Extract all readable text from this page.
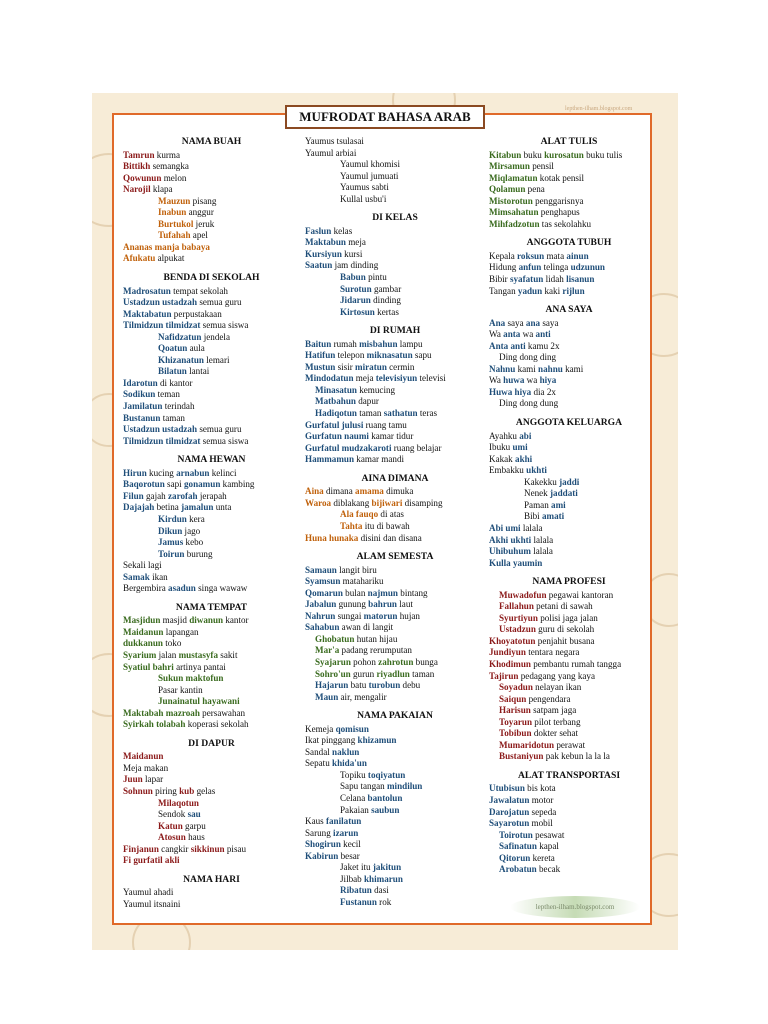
MUFRODAT BAHASA ARAB	lepthen-ilham.blogspot.com
NAMA BUAH
Tamrun kurma
Bittikh semangka
Qowunun melon
Narojil klapa
Mauzun pisang
Inabun anggur
Burtukol jeruk
Tufahah apel
Ananas manja babaya
Afukatu alpukat
BENDA DI SEKOLAH
Madrosatun tempat sekolah
Ustadzun ustadzah semua guru
Maktabatun perpustakaan
Tilmidzun tilmidzat semua siswa
Nafidzatun jendela
Qoatun aula
Khizanatun lemari
Bilatun lantai
Idarotun di kantor
Sodikun teman
Jamilatun terindah
Bustanun taman
Ustadzun ustadzah semua guru
Tilmidzun tilmidzat semua siswa
NAMA HEWAN
Hirun kucing arnabun kelinci
Baqorotun sapi gonamun kambing
Filun gajah zarofah jerapah
Dajajah betina jamalun unta
Kirdun kera
Dikun jago
Jamus kebo
Toirun burung
Sekali lagi
Samak ikan
Bergembira asadun singa wawaw
NAMA TEMPAT
Masjidun masjid diwanun kantor
Maidanun lapangan
dukkanun toko
Syarium jalan mustasyfa sakit
Syatiul bahri artinya pantai
Sukun maktofun
Pasar kantin
Junainatul hayawani
Maktabah mazroah persawahan
Syirkah tolabah koperasi sekolah
DI DAPUR
Maidanun
Meja makan
Juun lapar
Sohnun piring kub gelas
Milaqotun
Sendok sau
Katun garpu
Atosun haus
Finjanun cangkir sikkinun pisau
Fi gurfatil akli
NAMA HARI
Yaumul ahadi
Yaumul itsnaini
Yaumus tsulasai
Yaumul arbiai
Yaumul khomisi
Yaumul jumuati
Yaumus sabti
Kullal usbu'i
DI KELAS
Faslun kelas
Maktabun meja
Kursiyun kursi
Saatun jam dinding
Babun pintu
Surotun gambar
Jidarun dinding
Kirtosun kertas
DI RUMAH
Baitun rumah misbahun lampu
Hatifun telepon miknasatun sapu
Mustun sisir miratun cermin
Mindodatun meja televisiyun televisi
Minasatun kemucing
Matbahun dapur
Hadiqotun taman sathatun teras
Gurfatul julusi ruang tamu
Gurfatun naumi kamar tidur
Gurfatul mudzakaroti ruang belajar
Hammamun kamar mandi
AINA DIMANA
Aina dimana amama dimuka
Waroa diblakang bijiwari disamping
Ala fauqo di atas
Tahta itu di bawah
Huna hunaka disini dan disana
ALAM SEMESTA
Samaun langit biru
Syamsun matahariku
Qomarun bulan najmun bintang
Jabalun gunung bahrun laut
Nahrun sungai matorun hujan
Sahabun awan di langit
Ghobatun hutan hijau
Mar'a padang rerumputan
Syajarun pohon zahrotun bunga
Sohro'un gurun riyadlun taman
Hajarun batu turobun debu
Maun air, mengalir
NAMA PAKAIAN
Kemeja qomisun
Ikat pinggang khizamun
Sandal naklun
Sepatu khida'un
Topiku toqiyatun
Sapu tangan mindilun
Celana bantolun
Pakaian saubun
Kaus fanilatun
Sarung izarun
Shogirun kecil
Kabirun besar
Jaket itu jakitun
Jilbab khimarun
Ribatun dasi
Fustanun rok
ALAT TULIS
Kitabun buku kurosatun buku tulis
Mirsamun pensil
Miqlamatun kotak pensil
Qolamun pena
Mistorotun penggarisnya
Mimsahatun penghapus
Mihfadzotun tas sekolahku
ANGGOTA TUBUH
Kepala roksun mata ainun
Hidung anfun telinga udzunun
Bibir syafatun lidah lisanun
Tangan yadun kaki rijlun
ANA SAYA
Ana saya ana saya
Wa anta wa anti
Anta anti kamu 2x
Ding dong ding
Nahnu kami nahnu kami
Wa huwa wa hiya
Huwa hiya dia 2x
Ding dong dung
ANGGOTA KELUARGA
Ayahku abi
Ibuku umi
Kakak akhi
Embakku ukhti
Kakekku jaddi
Nenek jaddati
Paman ami
Bibi amati
Abi umi lalala
Akhi ukhti lalala
Uhibuhum lalala
Kulla yaumin
NAMA PROFESI
Muwadofun pegawai kantoran
Fallahun petani di sawah
Syurtiyun polisi jaga jalan
Ustadzun guru di sekolah
Khoyatotun penjahit busana
Jundiyun tentara negara
Khodimun pembantu rumah tangga
Tajirun pedagang yang kaya
Soyadun nelayan ikan
Saiqun pengendara
Harisun satpam jaga
Toyarun pilot terbang
Tobibun dokter sehat
Mumaridotun perawat
Bustaniyun pak kebun la la la
ALAT TRANSPORTASI
Utubisun bis kota
Jawalatun motor
Darojatun sepeda
Sayarotun mobil
Toirotun pesawat
Safinatun kapal
Qitorun kereta
Arobatun becak
lepthen-ilham.blogspot.com
